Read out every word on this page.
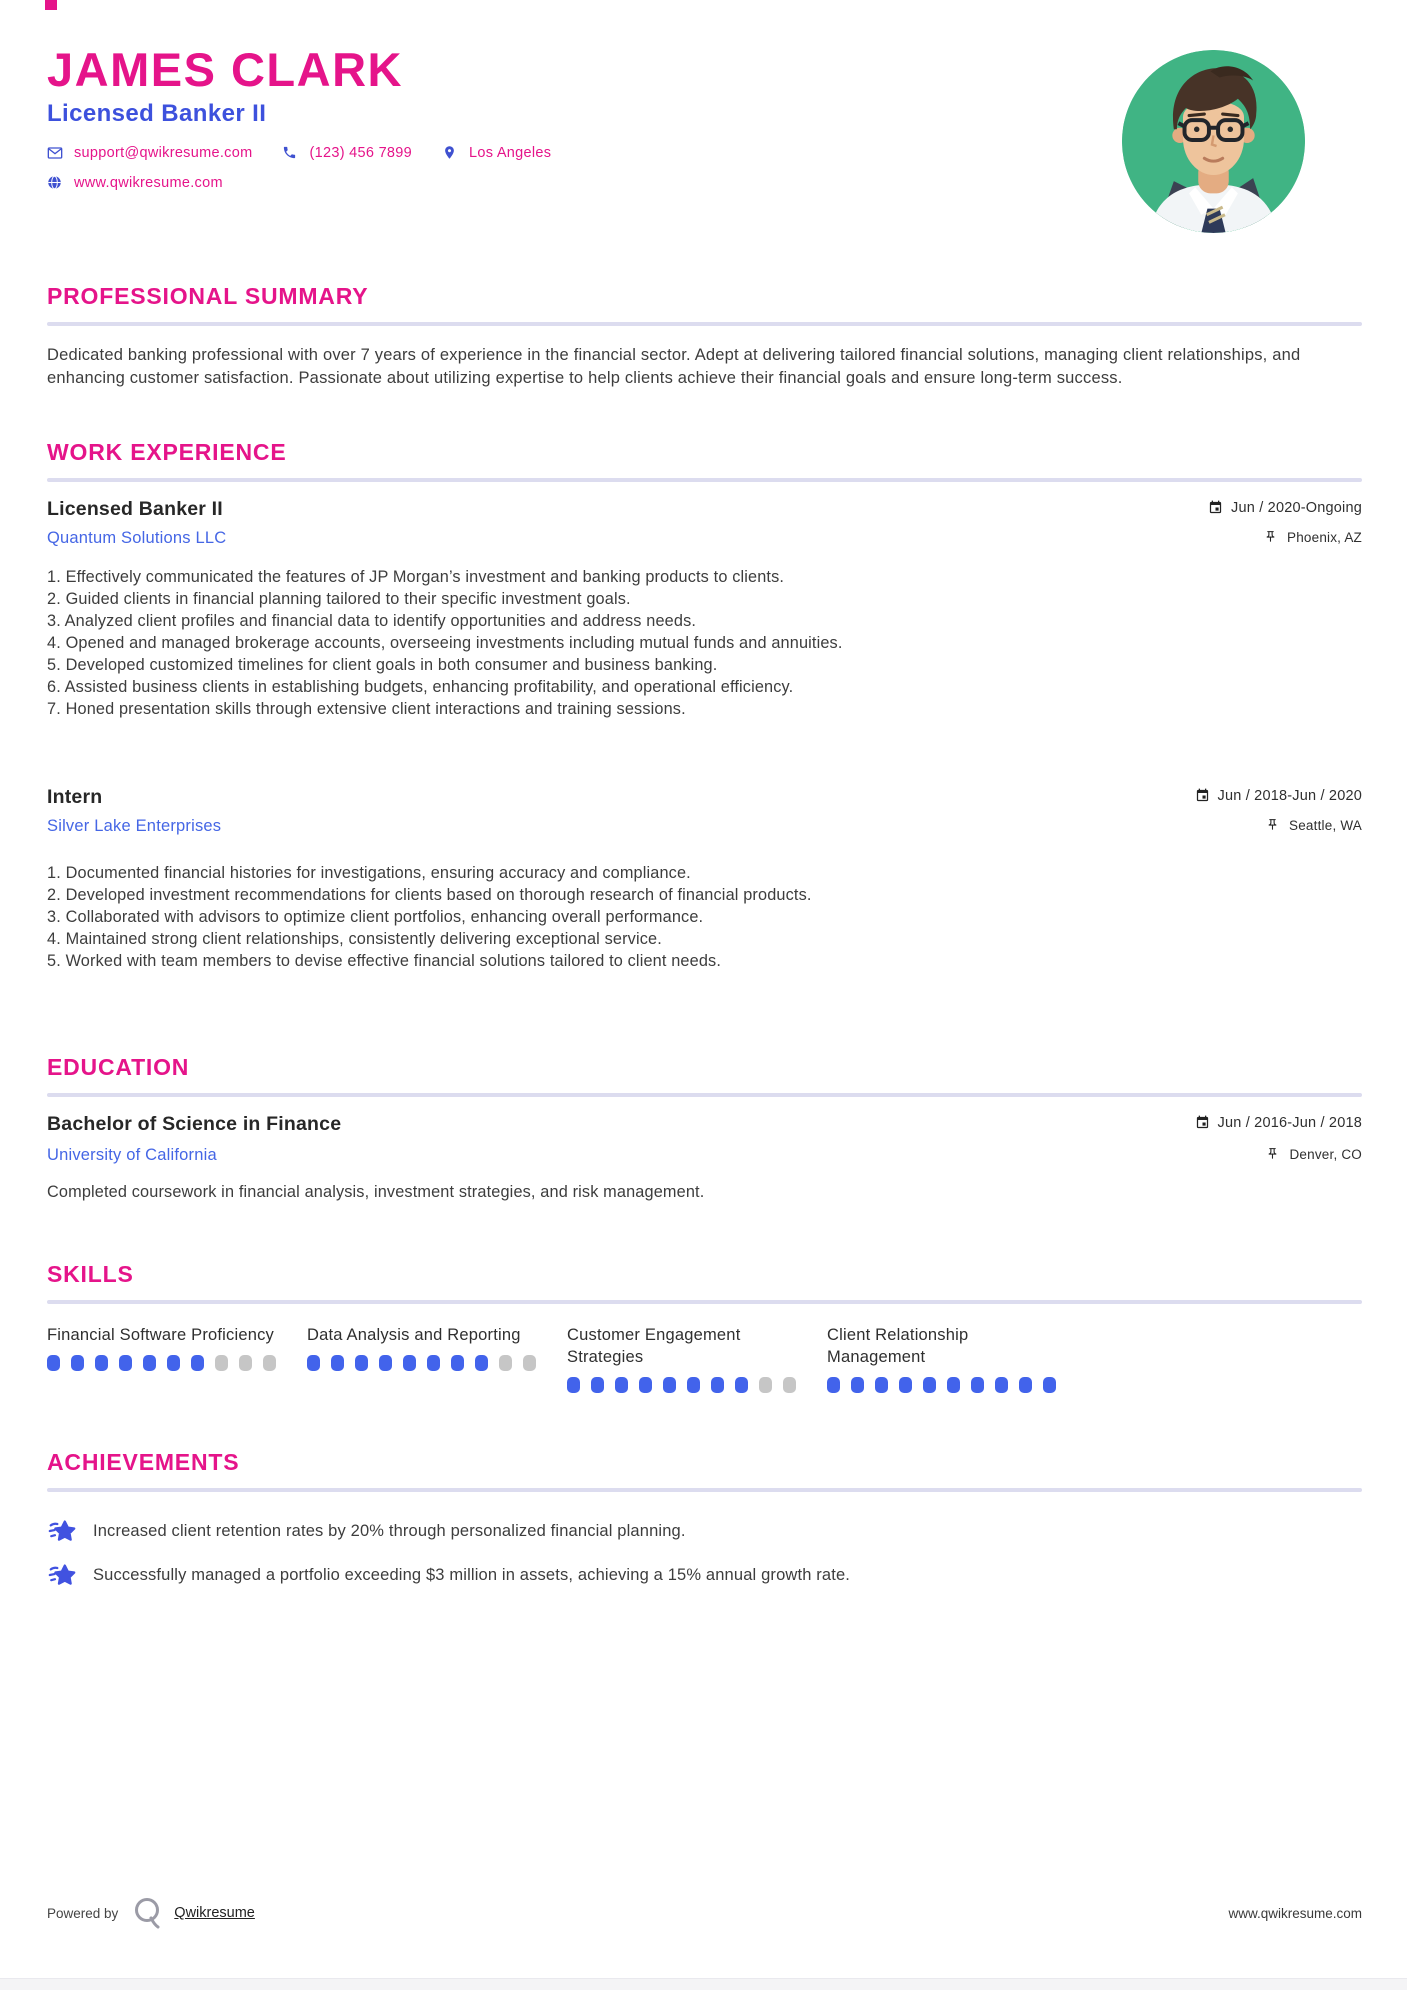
JAMES CLARK
Licensed Banker II
support@qwikresume.com	(123) 456 7899	Los Angeles
www.qwikresume.com
PROFESSIONAL SUMMARY

Dedicated banking professional with over 7 years of experience in the financial sector. Adept at delivering tailored financial solutions, managing client relationships, and enhancing customer satisfaction. Passionate about utilizing expertise to help clients achieve their financial goals and ensure long-term success.

WORK EXPERIENCE
Licensed Banker II	Jun / 2020-Ongoing
Quantum Solutions LLC	Phoenix, AZ
Effectively communicated the features of JP Morgan’s investment and banking products to clients.
Guided clients in financial planning tailored to their specific investment goals.
Analyzed client profiles and financial data to identify opportunities and address needs.
Opened and managed brokerage accounts, overseeing investments including mutual funds and annuities.
Developed customized timelines for client goals in both consumer and business banking.
Assisted business clients in establishing budgets, enhancing profitability, and operational efficiency.
Honed presentation skills through extensive client interactions and training sessions.
Intern	Jun / 2018-Jun / 2020
Silver Lake Enterprises	Seattle, WA
Documented financial histories for investigations, ensuring accuracy and compliance.
Developed investment recommendations for clients based on thorough research of financial products.
Collaborated with advisors to optimize client portfolios, enhancing overall performance.
Maintained strong client relationships, consistently delivering exceptional service.
Worked with team members to devise effective financial solutions tailored to client needs.
EDUCATION
Bachelor of Science in Finance	Jun / 2016-Jun / 2018
University of California	Denver, CO
Completed coursework in financial analysis, investment strategies, and risk management.
SKILLS
Financial Software Proficiency	Data Analysis and Reporting	Customer Engagement Strategies
Client Relationship Management
ACHIEVEMENTS
Increased client retention rates by 20% through personalized financial planning.
Successfully managed a portfolio exceeding $3 million in assets, achieving a 15% annual growth rate.
Powered by	Qwikresume	www.qwikresume.com
